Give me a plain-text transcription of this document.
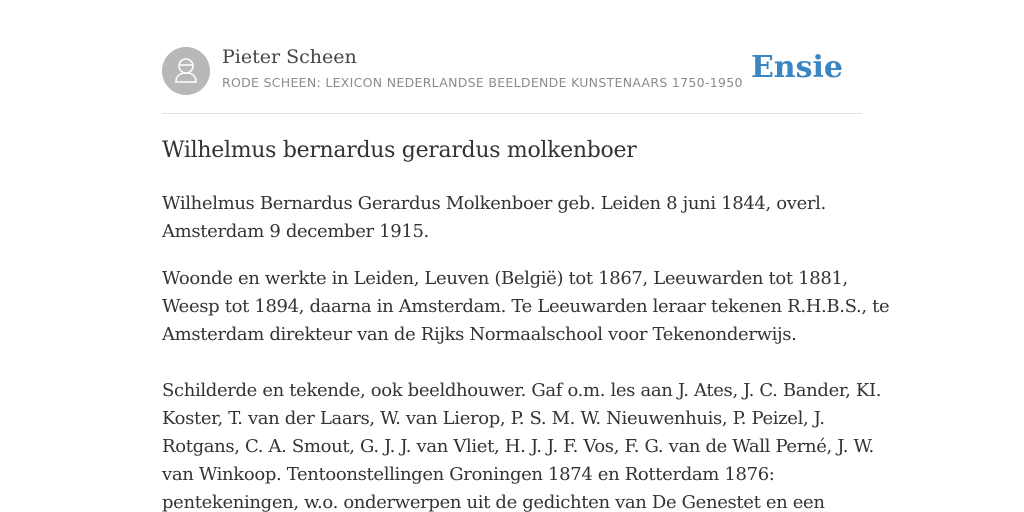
Pieter Scheen
RODE SCHEEN: LEXICON NEDERLANDSE BEELDENDE KUNSTENAARS 1750-1950 Ensie
Wilhelmus bernardus gerardus molkenboer
Wilhelmus Bernardus Gerardus Molkenboer geb. Leiden 8 juni 1844, overl.
Amsterdam 9 december 1915.
Woonde en werkte in Leiden, Leuven (België) tot 1867, Leeuwarden tot 1881,
Weesp tot 1894, daarna in Amsterdam. Te Leeuwarden leraar tekenen R.H.B.S., te
Amsterdam direkteur van de Rijks Normaalschool voor Tekenonderwijs.
Schilderde en tekende, ook beeldhouwer. Gaf o.m. les aan J. Ates, J. C. Bander, KI.
Koster, T. van der Laars, W. van Lierop, P. S. M. W. Nieuwenhuis, P. Peizel, J.
Rotgans, C. A. Smout, G. J. J. van Vliet, H. J. J. F. Vos, F. G. van de Wall Perné, J. W.
van Winkoop. Tentoonstellingen Groningen 1874 en Rotterdam 1876:
pentekeningen, w.o. onderwerpen uit de gedichten van De Genestet en een
